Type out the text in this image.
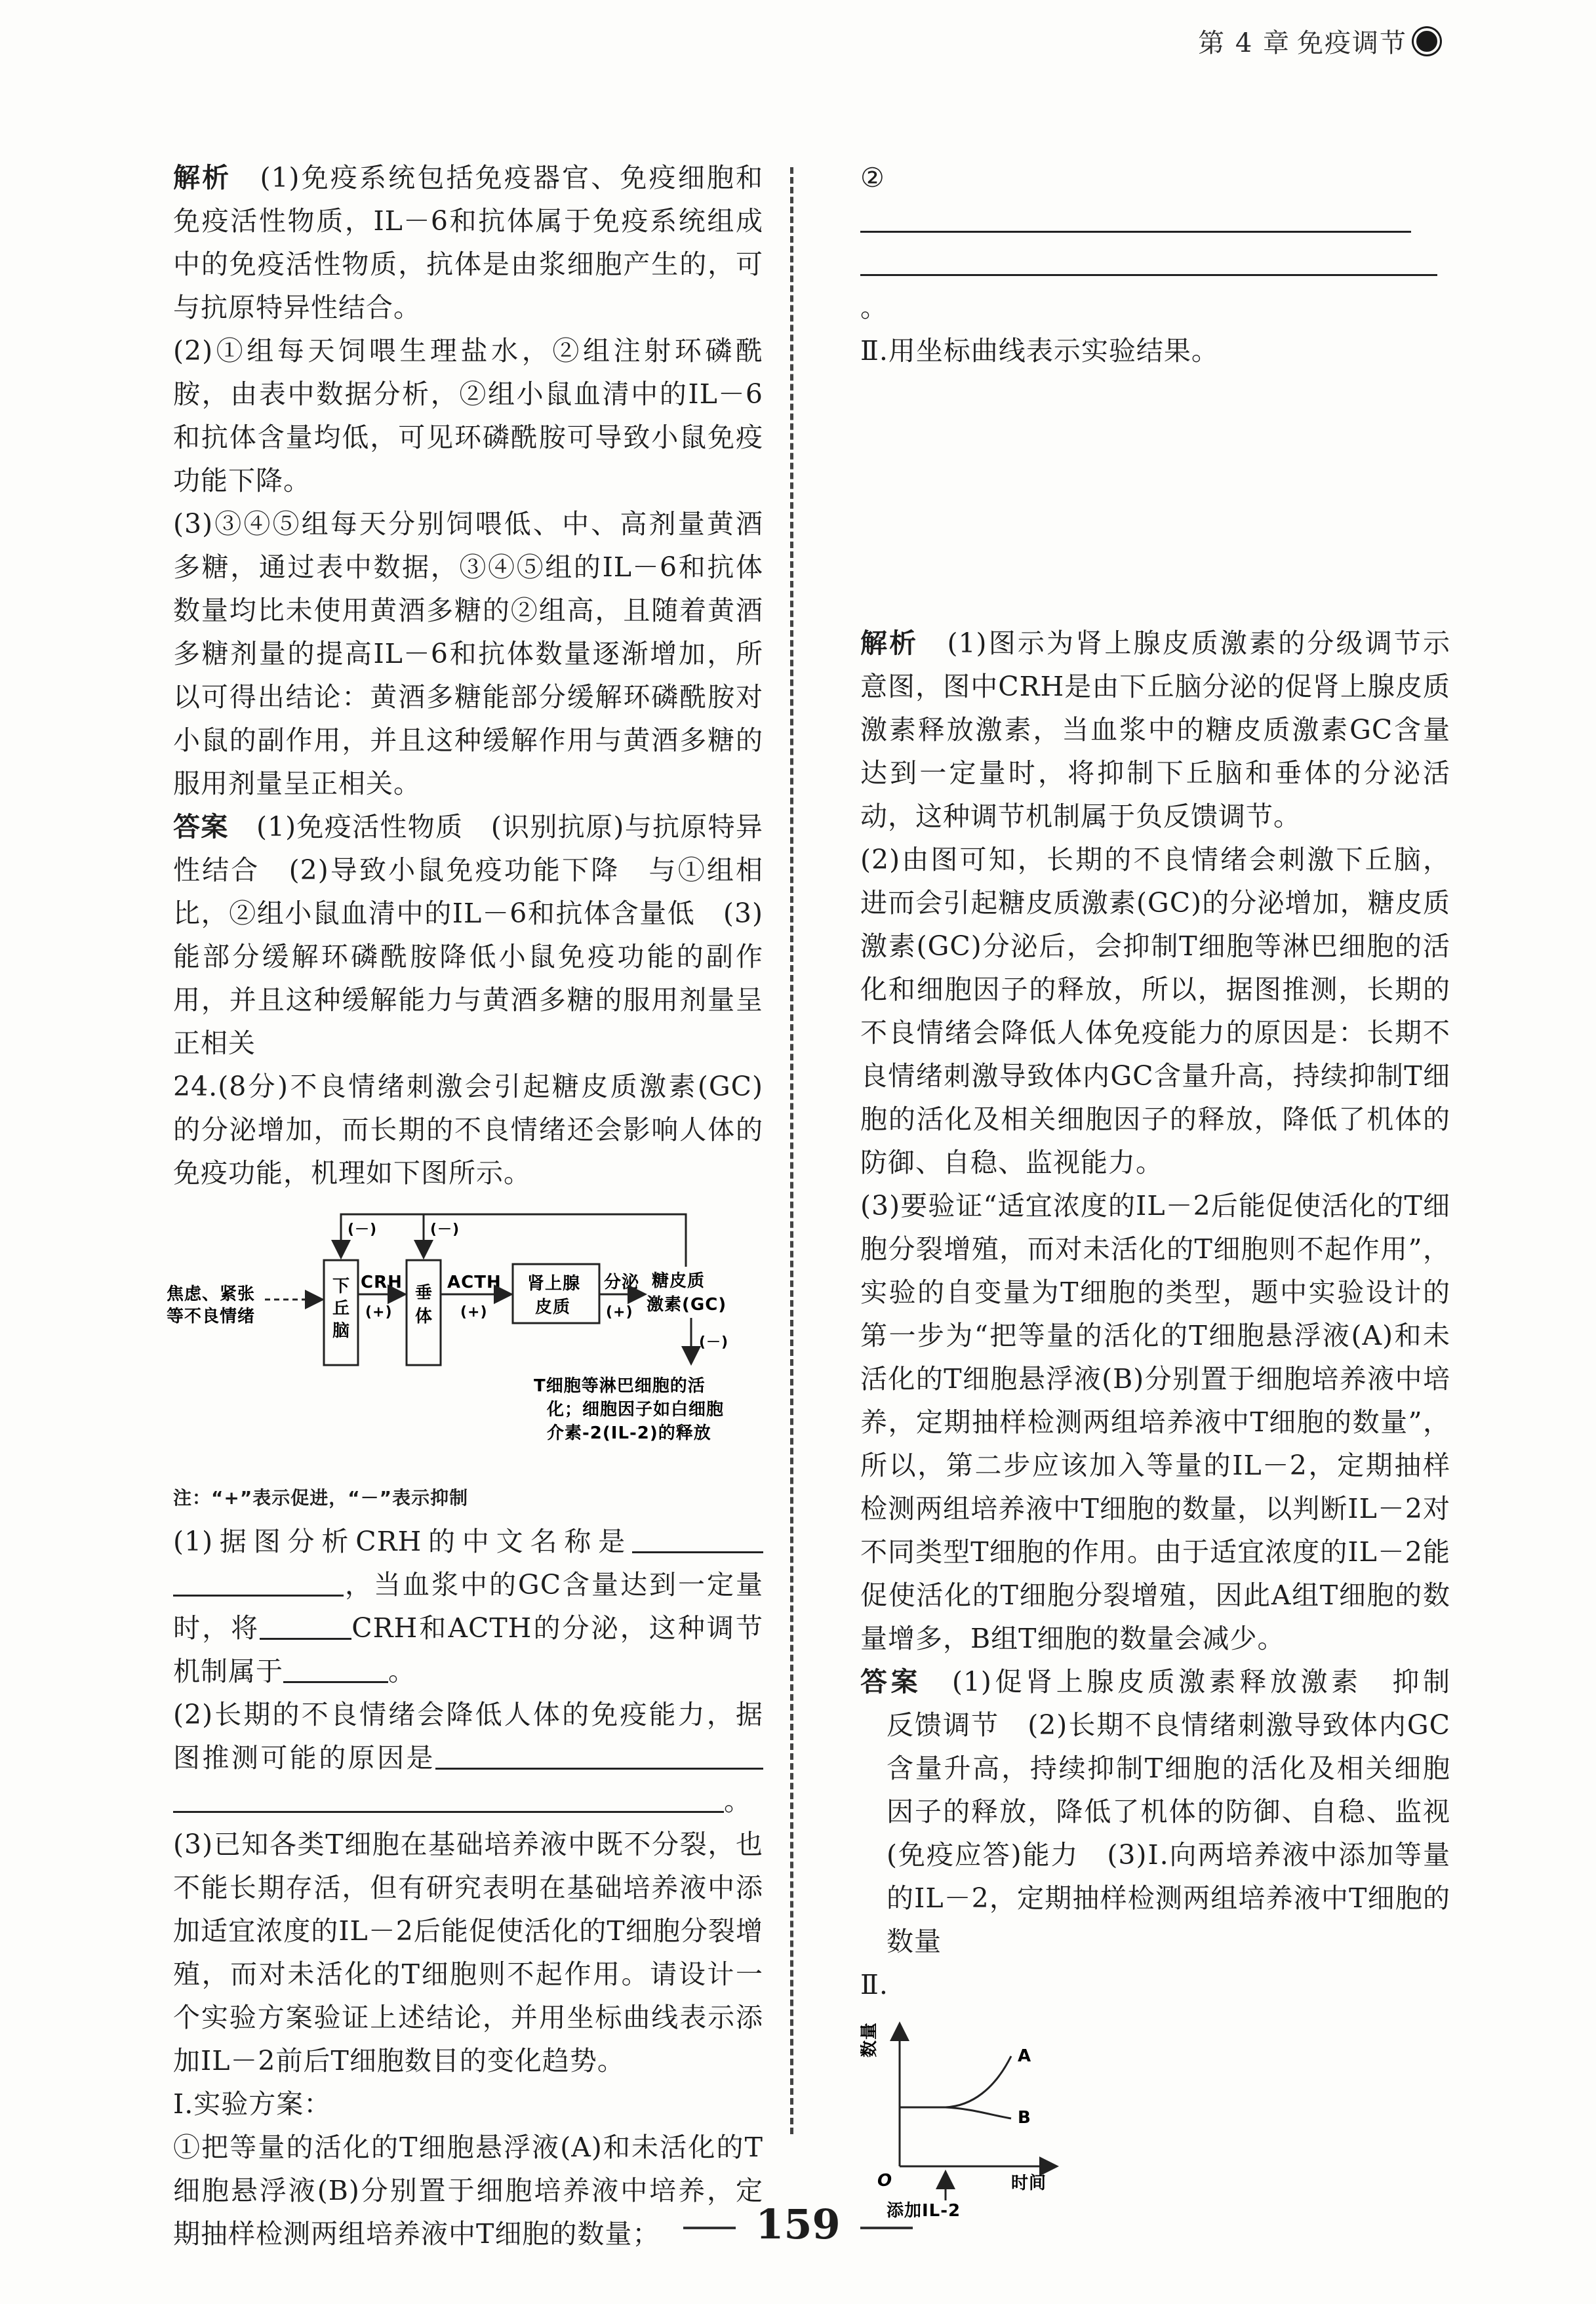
第 4 章 免疫调节

解析　 (1)免疫系统包括免疫器官、免疫细胞和免疫活性物质，IL－6和抗体属于免疫系统组成中的免疫活性物质，抗体是由浆细胞产生的，可与抗原特异性结合。

(2)①组每天饲喂生理盐水，②组注射环磷酰胺，由表中数据分析，②组小鼠血清中的IL－6和抗体含量均低，可见环磷酰胺可导致小鼠免疫功能下降。

(3)③④⑤组每天分别饲喂低、中、高剂量黄酒多糖，通过表中数据，③④⑤组的IL－6和抗体数量均比未使用黄酒多糖的②组高，且随着黄酒多糖剂量的提高IL－6和抗体数量逐渐增加，所以可得出结论：黄酒多糖能部分缓解环磷酰胺对小鼠的副作用，并且这种缓解作用与黄酒多糖的服用剂量呈正相关。

答案　 (1)免疫活性物质　(识别抗原)与抗原特异性结合　(2)导致小鼠免疫功能下降　与①组相比，②组小鼠血清中的IL－6和抗体含量低　(3)能部分缓解环磷酰胺降低小鼠免疫功能的副作用，并且这种缓解能力与黄酒多糖的服用剂量呈正相关

24.(8分)不良情绪刺激会引起糖皮质激素(GC)的分泌增加，而长期的不良情绪还会影响人体的免疫功能，机理如下图所示。

焦虑、紧张
等不良情绪
下
丘
脑
CRH
(+)
垂
体
ACTH
(+)
肾上腺
皮质
分泌
(+)
糖皮质
激素(GC)
(－)	(－)
(－)
T细胞等淋巴细胞的活
化；细胞因子如白细胞
介素-2(IL-2)的释放

注：“+”表示促进，“－”表示抑制

(1)据图分析CRH的中文名称是，当血浆中的GC含量达到一定量时，将	CRH和ACTH的分泌，这种调节机制属于	。

(2)长期的不良情绪会降低人体的免疫能力，据图推测可能的原因是。

(3)已知各类T细胞在基础培养液中既不分裂，也不能长期存活，但有研究表明在基础培养液中添加适宜浓度的IL－2后能促使活化的T细胞分裂增殖，而对未活化的T细胞则不起作用。请设计一个实验方案验证上述结论，并用坐标曲线表示添加IL－2前后T细胞数目的变化趋势。

Ⅰ.实验方案：

①把等量的活化的T细胞悬浮液(A)和未活化的T细胞悬浮液(B)分别置于细胞培养液中培养，定期抽样检测两组培养液中T细胞的数量；

②　
。

Ⅱ.用坐标曲线表示实验结果。

解析　 (1)图示为肾上腺皮质激素的分级调节示意图，图中CRH是由下丘脑分泌的促肾上腺皮质激素释放激素，当血浆中的糖皮质激素GC含量达到一定量时，将抑制下丘脑和垂体的分泌活动，这种调节机制属于负反馈调节。

(2)由图可知，长期的不良情绪会刺激下丘脑，进而会引起糖皮质激素(GC)的分泌增加，糖皮质激素(GC)分泌后，会抑制T细胞等淋巴细胞的活化和细胞因子的释放，所以，据图推测，长期的不良情绪会降低人体免疫能力的原因是：长期不良情绪刺激导致体内GC含量升高，持续抑制T细胞的活化及相关细胞因子的释放，降低了机体的防御、自稳、监视能力。

(3)要验证“适宜浓度的IL－2后能促使活化的T细胞分裂增殖，而对未活化的T细胞则不起作用”，实验的自变量为T细胞的类型，题中实验设计的第一步为“把等量的活化的T细胞悬浮液(A)和未活化的T细胞悬浮液(B)分别置于细胞培养液中培养，定期抽样检测两组培养液中T细胞的数量”，所以，第二步应该加入等量的IL－2，定期抽样检测两组培养液中T细胞的数量，以判断IL－2对不同类型T细胞的作用。由于适宜浓度的IL－2能促使活化的T细胞分裂增殖，因此A组T细胞的数量增多，B组T细胞的数量会减少。

答案　 (1)促肾上腺皮质激素释放激素　抑制　反馈调节　(2)长期不良情绪刺激导致体内GC含量升高，持续抑制T细胞的活化及相关细胞因子的释放，降低了机体的防御、自稳、监视(免疫应答)能力　(3)Ⅰ.向两培养液中添加等量的IL－2，定期抽样检测两组培养液中T细胞的数量

Ⅱ.

数量
O	时间
A
B
添加IL-2
159
